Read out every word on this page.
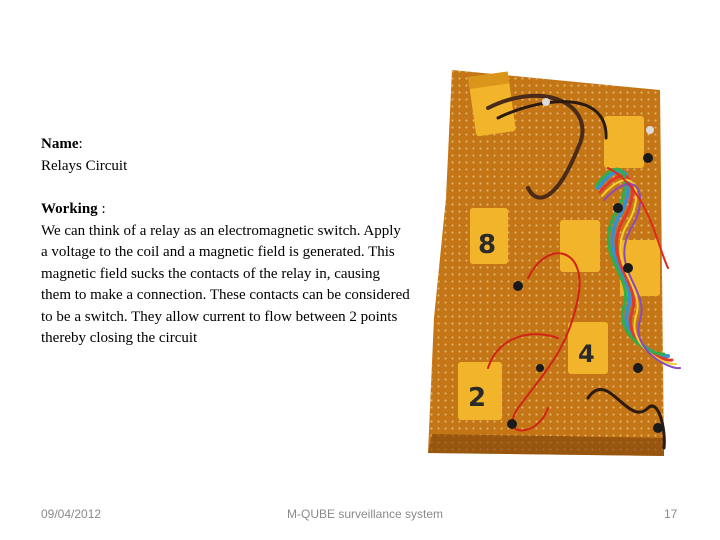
Name:
Relays Circuit
Working :
We can think of a relay as an electromagnetic switch. Apply a voltage to the coil and a magnetic field is generated. This magnetic field sucks the contacts of the relay in, causing them to make a connection. These contacts can be considered to be a switch. They allow current to flow between 2 points thereby closing the circuit
8
4
2
09/04/2012	M-QUBE surveillance system	17
